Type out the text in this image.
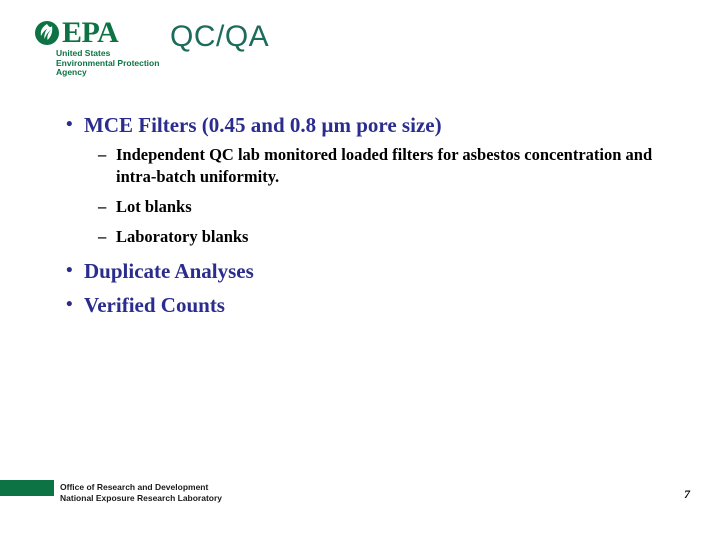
EPA
United States
Environmental Protection
Agency
QC/QA
• MCE Filters (0.45 and 0.8 µm pore size)
– Independent QC lab monitored loaded filters for asbestos concentration and intra-batch uniformity.
– Lot blanks
– Laboratory blanks
• Duplicate Analyses
• Verified Counts
Office of Research and Development
National Exposure Research Laboratory	7
